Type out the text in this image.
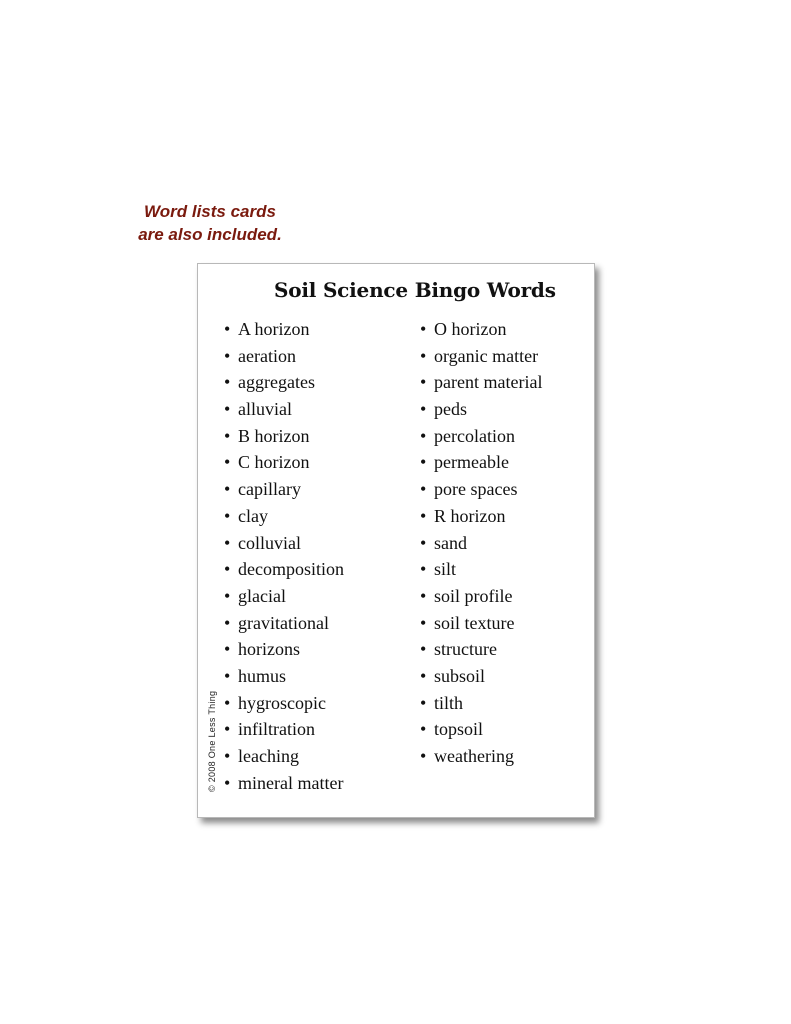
Word lists cards
are also included.
Soil Science Bingo Words
• A horizon
• aeration
• aggregates
• alluvial
• B horizon
• C horizon
• capillary
• clay
• colluvial
• decomposition
• glacial
• gravitational
• horizons
• humus
• hygroscopic
• infiltration
• leaching
• mineral matter
• O horizon
• organic matter
• parent material
• peds
• percolation
• permeable
• pore spaces
• R horizon
• sand
• silt
• soil profile
• soil texture
• structure
• subsoil
• tilth
• topsoil
• weathering
© 2008 One Less Thing
